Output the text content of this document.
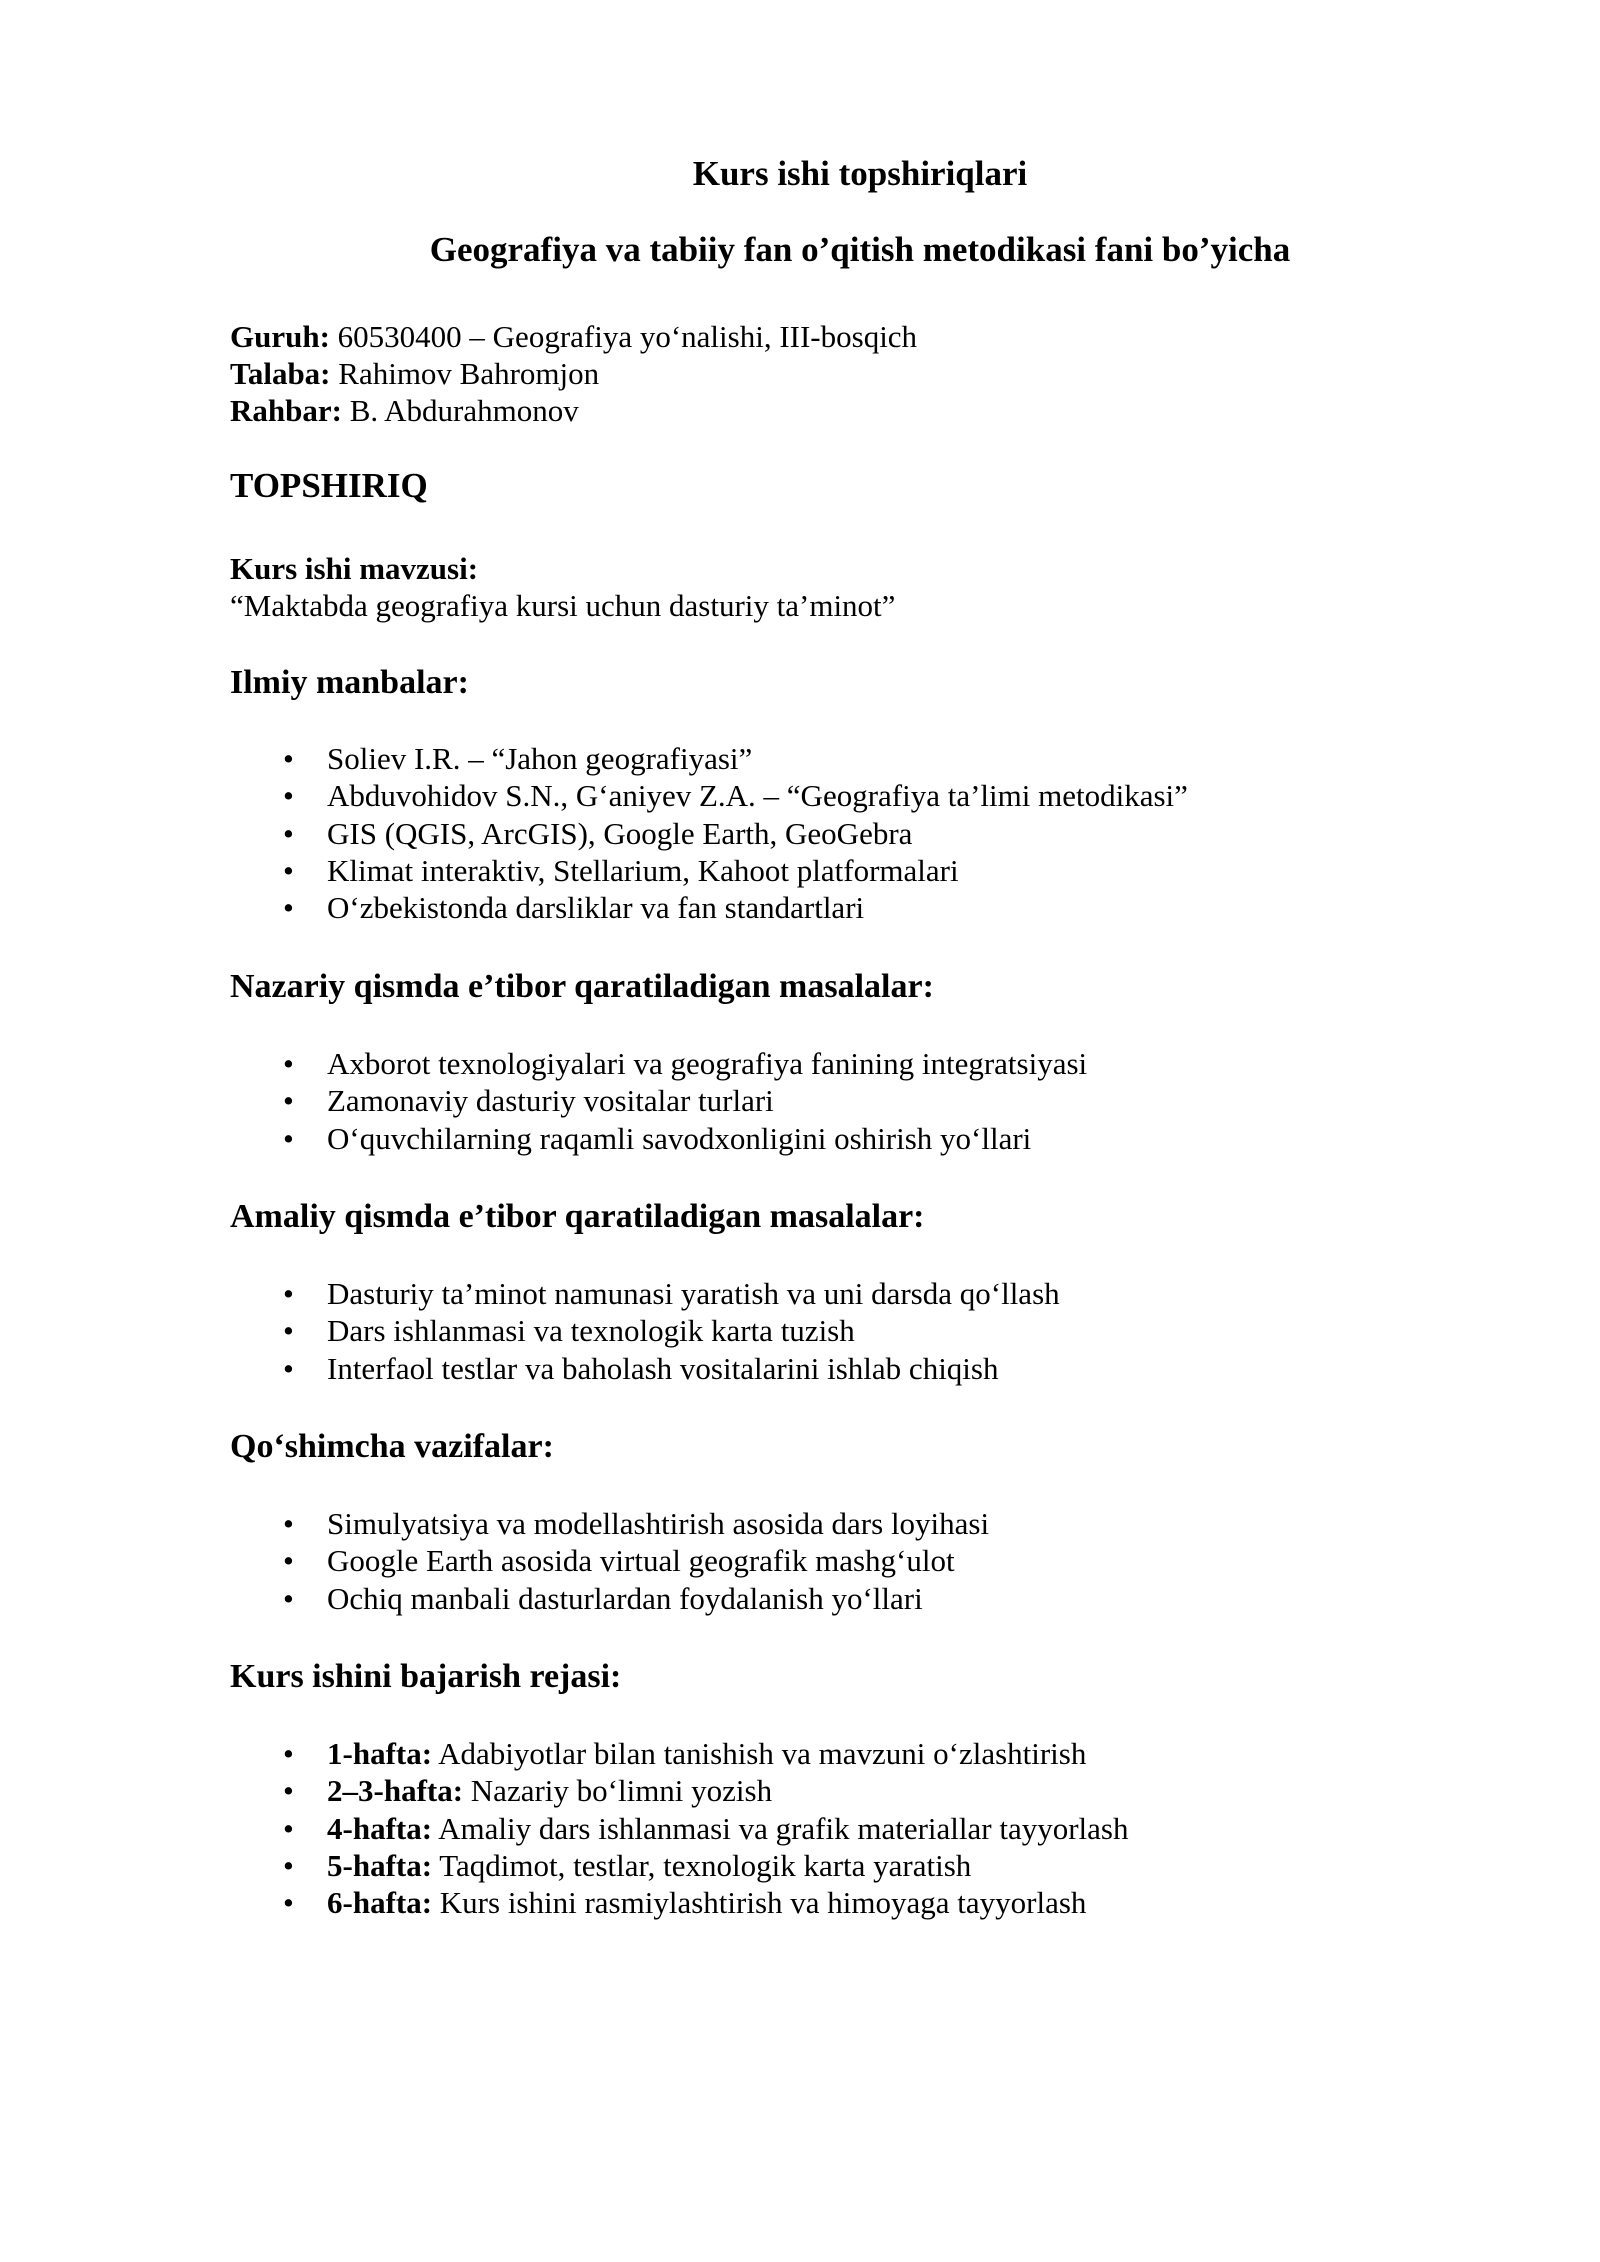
Kurs ishi topshiriqlari
Geografiya va tabiiy fan o’qitish metodikasi fani bo’yicha
Guruh: 60530400 – Geografiya yo‘nalishi, III-bosqich
Talaba: Rahimov Bahromjon
Rahbar: B. Abdurahmonov
TOPSHIRIQ
Kurs ishi mavzusi:
“Maktabda geografiya kursi uchun dasturiy ta’minot”
Ilmiy manbalar:
• Soliev I.R. – “Jahon geografiyasi”
• Abduvohidov S.N., G‘aniyev Z.A. – “Geografiya ta’limi metodikasi”
• GIS (QGIS, ArcGIS), Google Earth, GeoGebra
• Klimat interaktiv, Stellarium, Kahoot platformalari
• O‘zbekistonda darsliklar va fan standartlari
Nazariy qismda e’tibor qaratiladigan masalalar:
• Axborot texnologiyalari va geografiya fanining integratsiyasi
• Zamonaviy dasturiy vositalar turlari
• O‘quvchilarning raqamli savodxonligini oshirish yo‘llari
Amaliy qismda e’tibor qaratiladigan masalalar:
• Dasturiy ta’minot namunasi yaratish va uni darsda qo‘llash
• Dars ishlanmasi va texnologik karta tuzish
• Interfaol testlar va baholash vositalarini ishlab chiqish
Qo‘shimcha vazifalar:
• Simulyatsiya va modellashtirish asosida dars loyihasi
• Google Earth asosida virtual geografik mashg‘ulot
• Ochiq manbali dasturlardan foydalanish yo‘llari
Kurs ishini bajarish rejasi:
• 1-hafta: Adabiyotlar bilan tanishish va mavzuni o‘zlashtirish
• 2–3-hafta: Nazariy bo‘limni yozish
• 4-hafta: Amaliy dars ishlanmasi va grafik materiallar tayyorlash
• 5-hafta: Taqdimot, testlar, texnologik karta yaratish
• 6-hafta: Kurs ishini rasmiylashtirish va himoyaga tayyorlash
